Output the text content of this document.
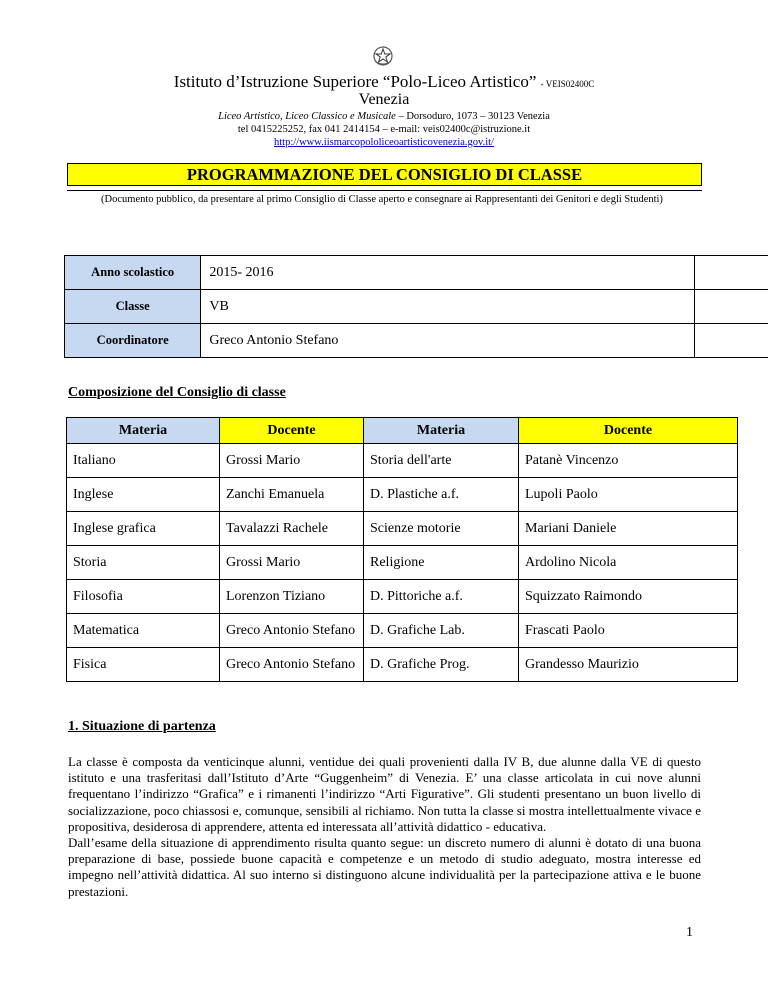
Istituto d’Istruzione Superiore “Polo-Liceo Artistico” - VEIS02400C
Venezia
Liceo Artistico, Liceo Classico e Musicale – Dorsoduro, 1073 – 30123 Venezia
tel 0415225252, fax 041 2414154 – e-mail: veis02400c@istruzione.it
http://www.iismarcopololiceoartisticovenezia.gov.it/
PROGRAMMAZIONE DEL CONSIGLIO DI CLASSE
(Documento pubblico, da presentare al primo Consiglio di Classe aperto e consegnare ai Rappresentanti dei Genitori e degli Studenti)
Anno scolastico	2015- 2016	
Classe	VB	
Coordinatore	Greco Antonio Stefano	
Composizione del Consiglio di classe
Materia	Docente	Materia	Docente
Italiano	Grossi Mario	Storia dell'arte	Patanè Vincenzo
Inglese	Zanchi Emanuela	D. Plastiche a.f.	Lupoli Paolo
Inglese grafica	Tavalazzi Rachele	Scienze motorie	Mariani Daniele
Storia	Grossi Mario	Religione	Ardolino Nicola
Filosofia	Lorenzon Tiziano	D. Pittoriche a.f.	Squizzato Raimondo
Matematica	Greco Antonio Stefano	D. Grafiche Lab.	Frascati Paolo
Fisica	Greco Antonio Stefano	D. Grafiche Prog.	Grandesso Maurizio
1. Situazione di partenza
La classe è composta da venticinque alunni, ventidue dei quali provenienti dalla IV B, due alunne dalla VE di questo istituto e una trasferitasi dall’Istituto d’Arte “Guggenheim” di Venezia. E’ una classe articolata in cui nove alunni frequentano l’indirizzo “Grafica” e i rimanenti l’indirizzo “Arti Figurative”. Gli studenti presentano un buon livello di socializzazione, poco chiassosi e, comunque, sensibili al richiamo. Non tutta la classe si mostra intellettualmente vivace e propositiva, desiderosa di apprendere, attenta ed interessata all’attività didattico - educativa.
Dall’esame della situazione di apprendimento risulta quanto segue: un discreto numero di alunni è dotato di una buona preparazione di base, possiede buone capacità e competenze e un metodo di studio adeguato, mostra interesse ed impegno nell’attività didattica. Al suo interno si distinguono alcune individualità per la partecipazione attiva e le buone prestazioni.
1
